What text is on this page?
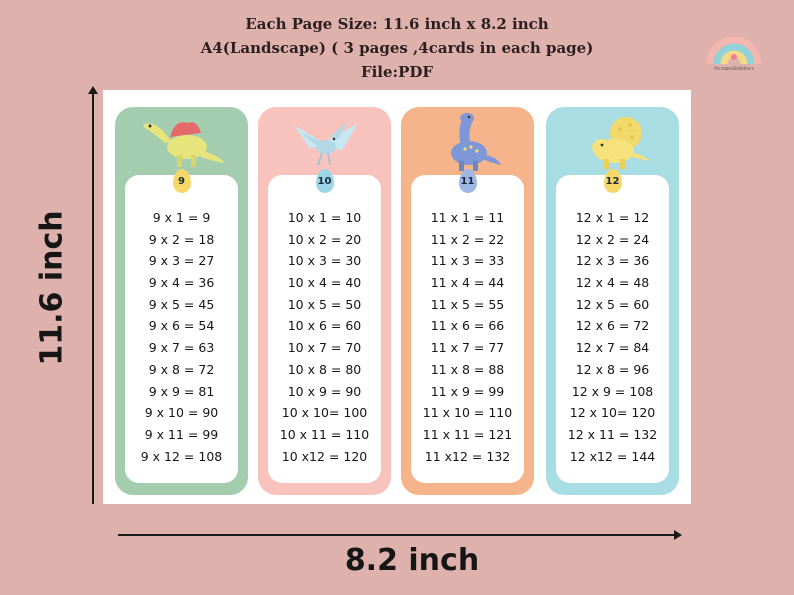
Each Page Size: 11.6 inch x 8.2 inch
A4(Landscape) ( 3 pages ,4cards in each page)
File:PDF	PrintableSEAfathers
11.6 inch
9
9 x 1 = 9
9 x 2 = 18
9 x 3 = 27
9 x 4 = 36
9 x 5 = 45
9 x 6 = 54
9 x 7 = 63
9 x 8 = 72
9 x 9 = 81
9 x 10 = 90
9 x 11 = 99
9 x 12 = 108
10
10 x 1 = 10
10 x 2 = 20
10 x 3 = 30
10 x 4 = 40
10 x 5 = 50
10 x 6 = 60
10 x 7 = 70
10 x 8 = 80
10 x 9 = 90
10 x 10= 100
10 x 11 = 110
10 x12 = 120
11
11 x 1 = 11
11 x 2 = 22
11 x 3 = 33
11 x 4 = 44
11 x 5 = 55
11 x 6 = 66
11 x 7 = 77
11 x 8 = 88
11 x 9 = 99
11 x 10 = 110
11 x 11 = 121
11 x12 = 132
12
12 x 1 = 12
12 x 2 = 24
12 x 3 = 36
12 x 4 = 48
12 x 5 = 60
12 x 6 = 72
12 x 7 = 84
12 x 8 = 96
12 x 9 = 108
12 x 10= 120
12 x 11 = 132
12 x12 = 144
8.2 inch
